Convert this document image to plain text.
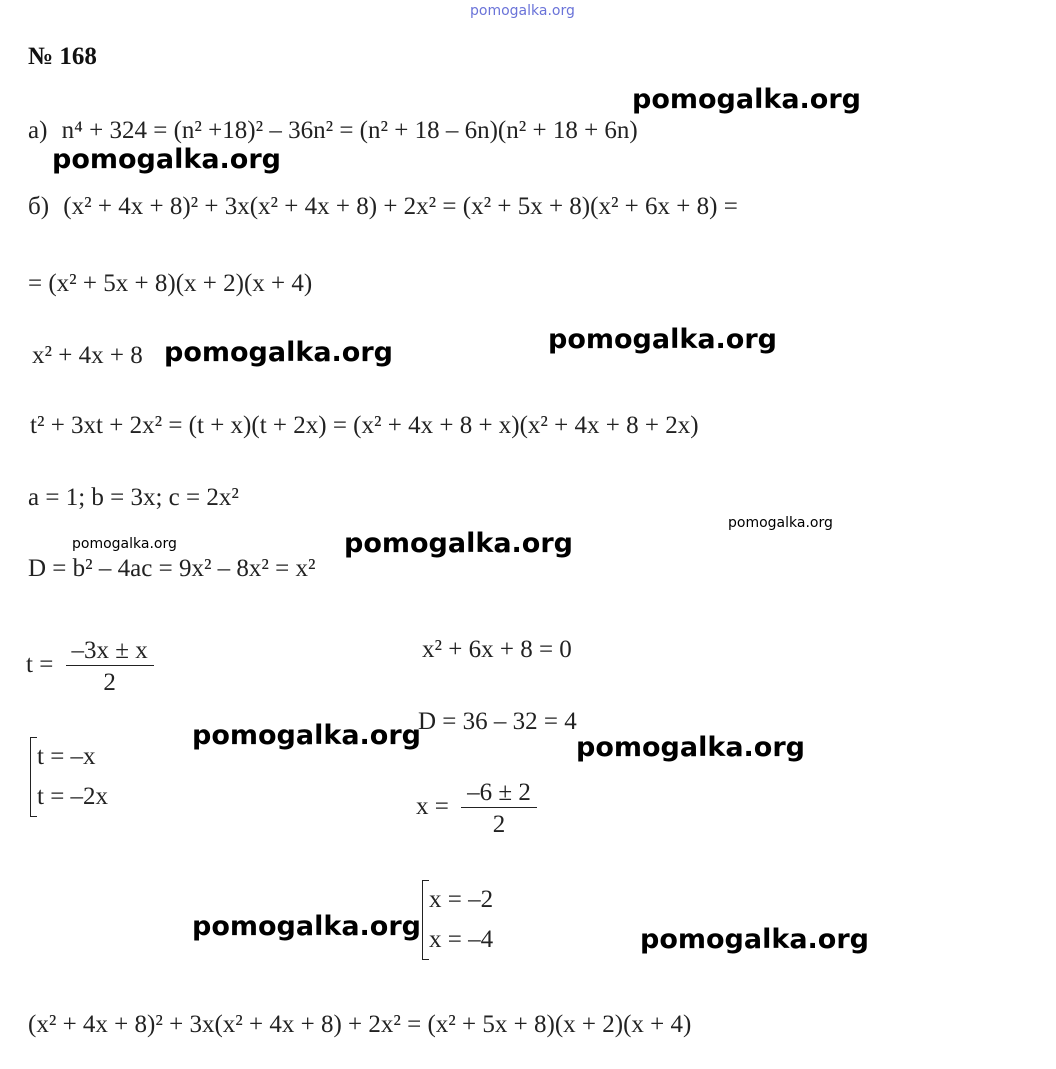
pomogalka.org
№ 168
а) n⁴ + 324 = (n² +18)² – 36n² = (n² + 18 – 6n)(n² + 18 + 6n)
б) (x² + 4x + 8)² + 3x(x² + 4x + 8) + 2x² = (x² + 5x + 8)(x² + 6x + 8) =
= (x² + 5x + 8)(x + 2)(x + 4)
x² + 4x + 8
t² + 3xt + 2x² = (t + x)(t + 2x) = (x² + 4x + 8 + x)(x² + 4x + 8 + 2x)
a = 1; b = 3x; c = 2x²
D = b² – 4ac = 9x² – 8x² = x²
$t = \frac{-3x \pm x}{2}$
t = –x
t = –2x
x² + 6x + 8 = 0
D = 36 – 32 = 4
$x = \frac{-6 \pm 2}{2}$
x = –2
x = –4
(x² + 4x + 8)² + 3x(x² + 4x + 8) + 2x² = (x² + 5x + 8)(x + 2)(x + 4)
pomogalka.org
pomogalka.org
pomogalka.org
pomogalka.org
pomogalka.org
pomogalka.org	pomogalka.org
pomogalka.org	pomogalka.org
pomogalka.org	pomogalka.org
